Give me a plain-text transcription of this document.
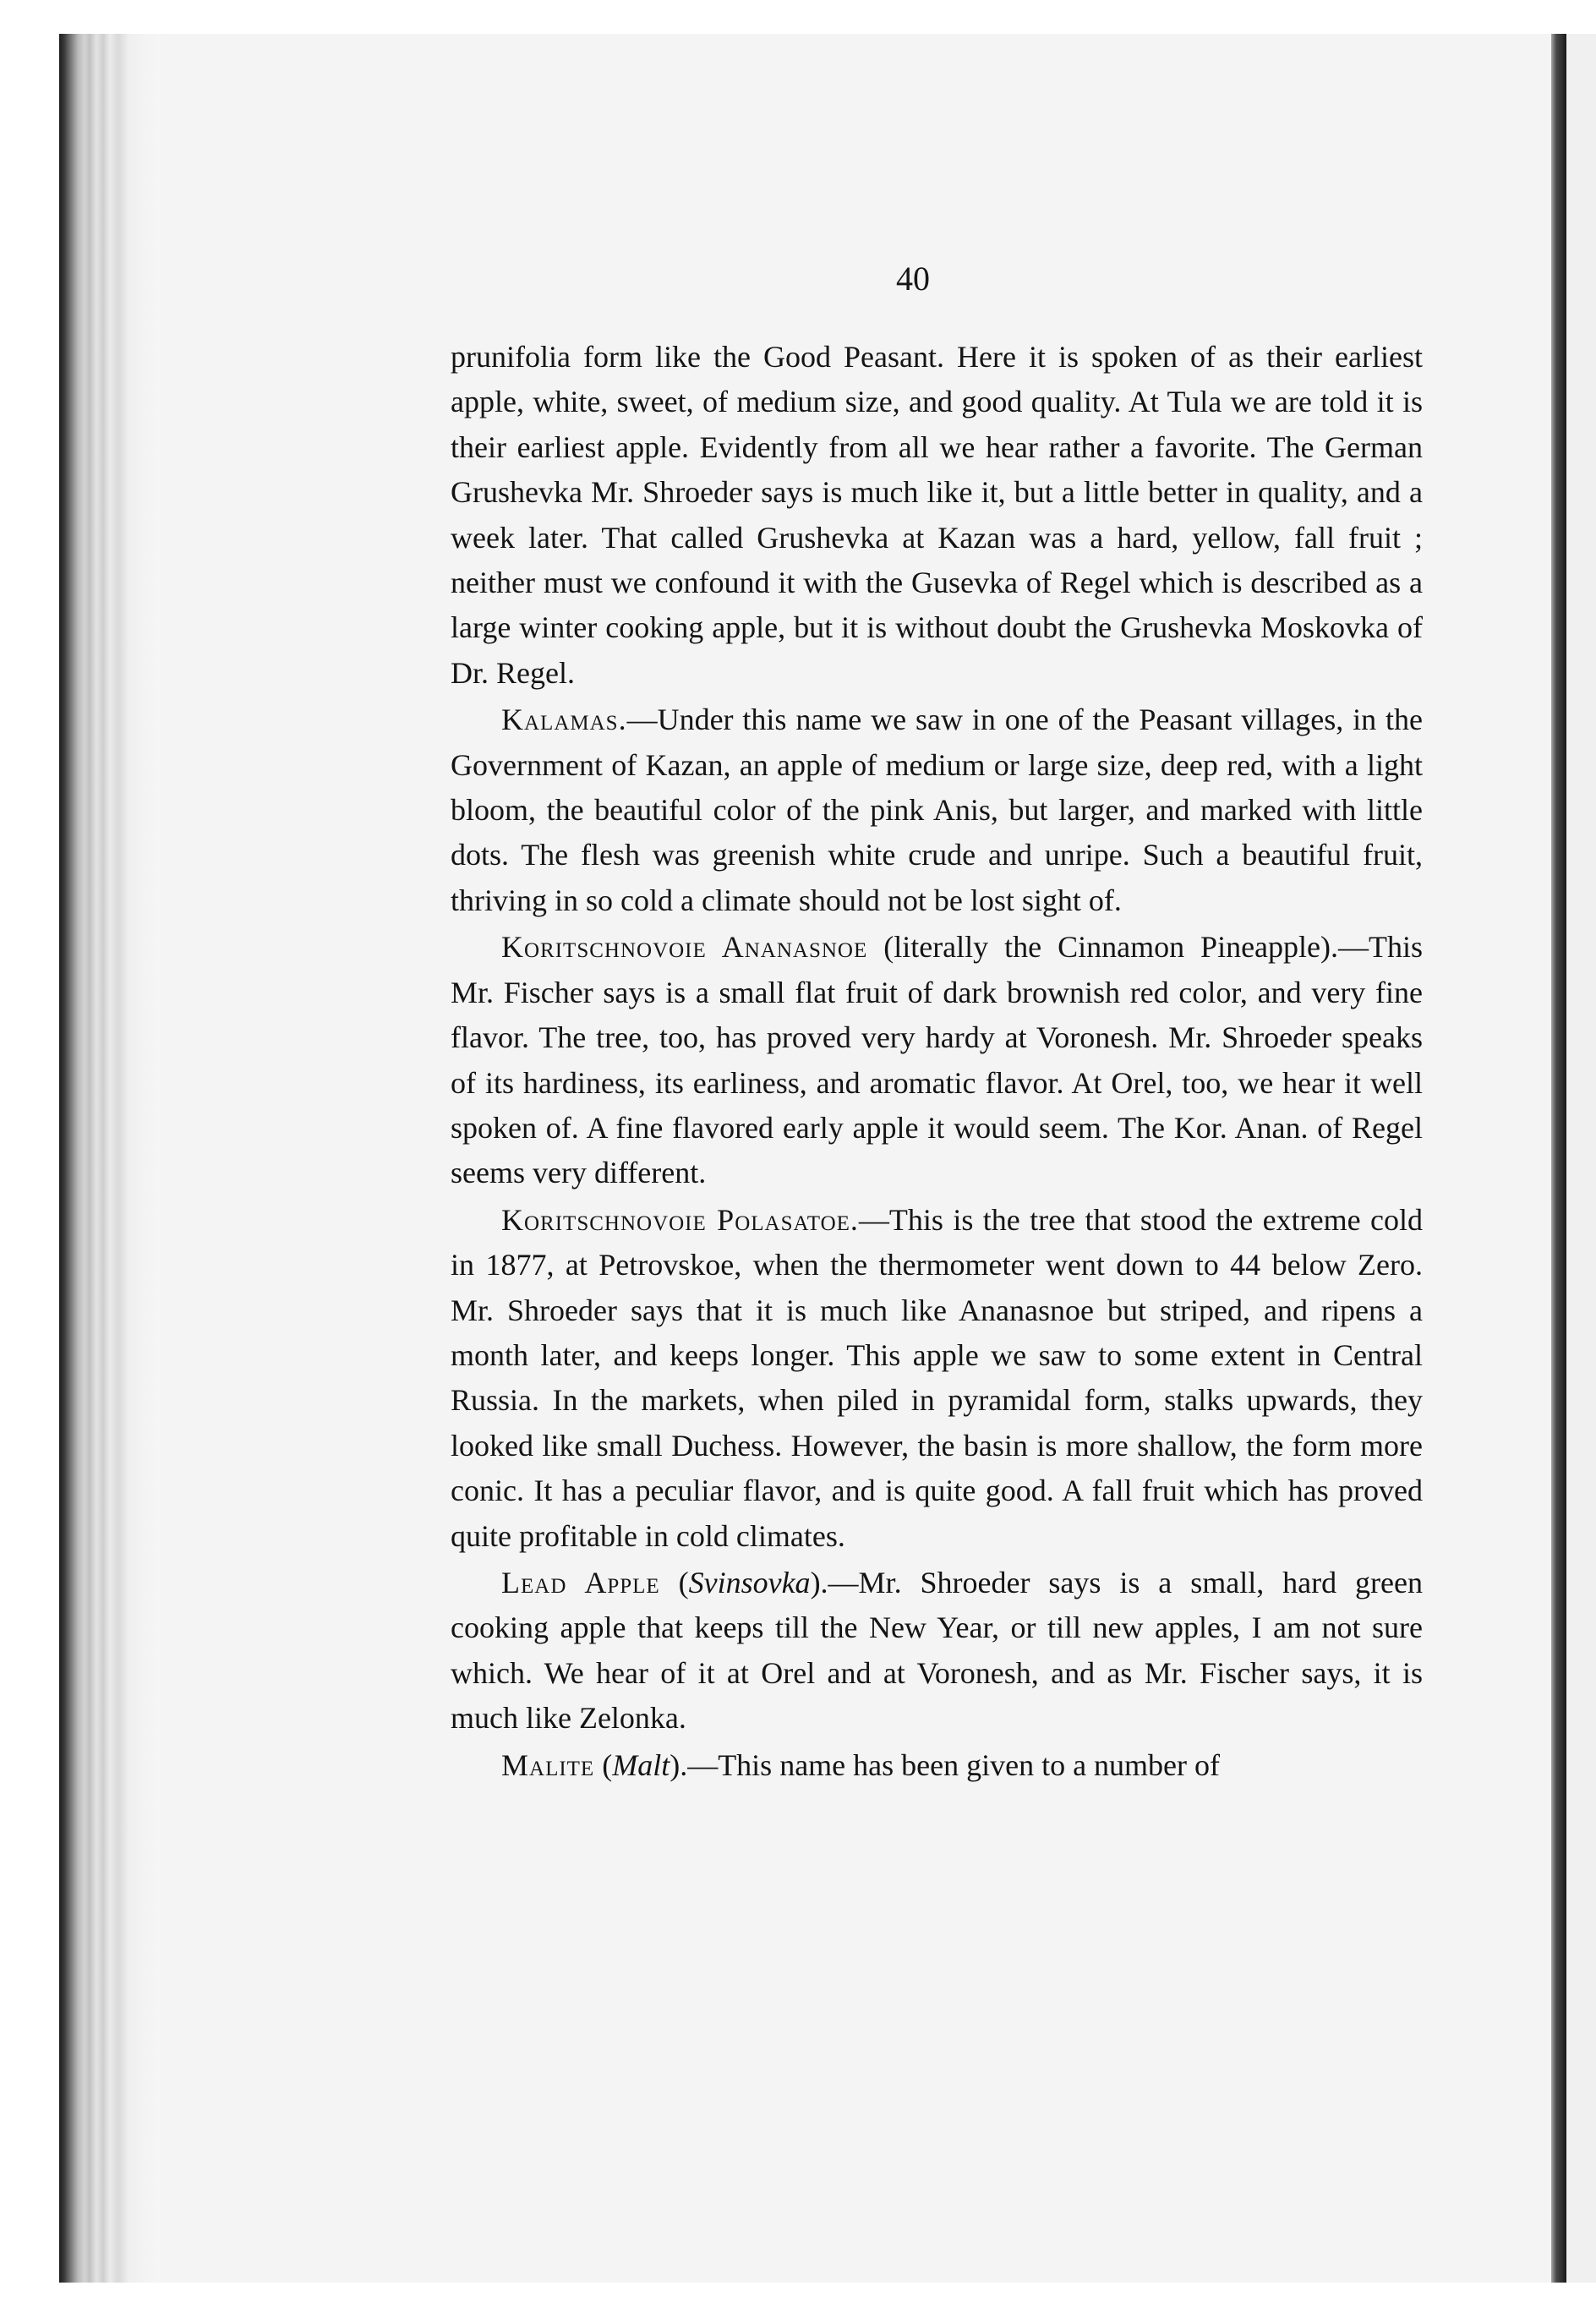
40

prunifolia form like the Good Peasant. Here it is spoken of as their earliest apple, white, sweet, of medium size, and good quality. At Tula we are told it is their earliest apple. Evidently from all we hear rather a favorite. The German Grushevka Mr. Shroeder says is much like it, but a little better in quality, and a week later. That called Grushevka at Kazan was a hard, yellow, fall fruit ; neither must we confound it with the Gusevka of Regel which is described as a large winter cooking apple, but it is without doubt the Grushevka Moskovka of Dr. Regel.

Kalamas.—Under this name we saw in one of the Peasant villages, in the Government of Kazan, an apple of medium or large size, deep red, with a light bloom, the beautiful color of the pink Anis, but larger, and marked with little dots. The flesh was greenish white crude and unripe. Such a beautiful fruit, thriving in so cold a climate should not be lost sight of.

Koritschnovoie Ananasnoe (literally the Cinnamon Pineapple).—This Mr. Fischer says is a small flat fruit of dark brownish red color, and very fine flavor. The tree, too, has proved very hardy at Voronesh. Mr. Shroeder speaks of its hardiness, its earliness, and aromatic flavor. At Orel, too, we hear it well spoken of. A fine flavored early apple it would seem. The Kor. Anan. of Regel seems very different.

Koritschnovoie Polasatoe.—This is the tree that stood the extreme cold in 1877, at Petrovskoe, when the thermometer went down to 44 below Zero. Mr. Shroeder says that it is much like Ananasnoe but striped, and ripens a month later, and keeps longer. This apple we saw to some extent in Central Russia. In the markets, when piled in pyramidal form, stalks upwards, they looked like small Duchess. However, the basin is more shallow, the form more conic. It has a peculiar flavor, and is quite good. A fall fruit which has proved quite profitable in cold climates.

Lead Apple (Svinsovka).—Mr. Shroeder says is a small, hard green cooking apple that keeps till the New Year, or till new apples, I am not sure which. We hear of it at Orel and at Voronesh, and as Mr. Fischer says, it is much like Zelonka.

Malite (Malt).—This name has been given to a number of
